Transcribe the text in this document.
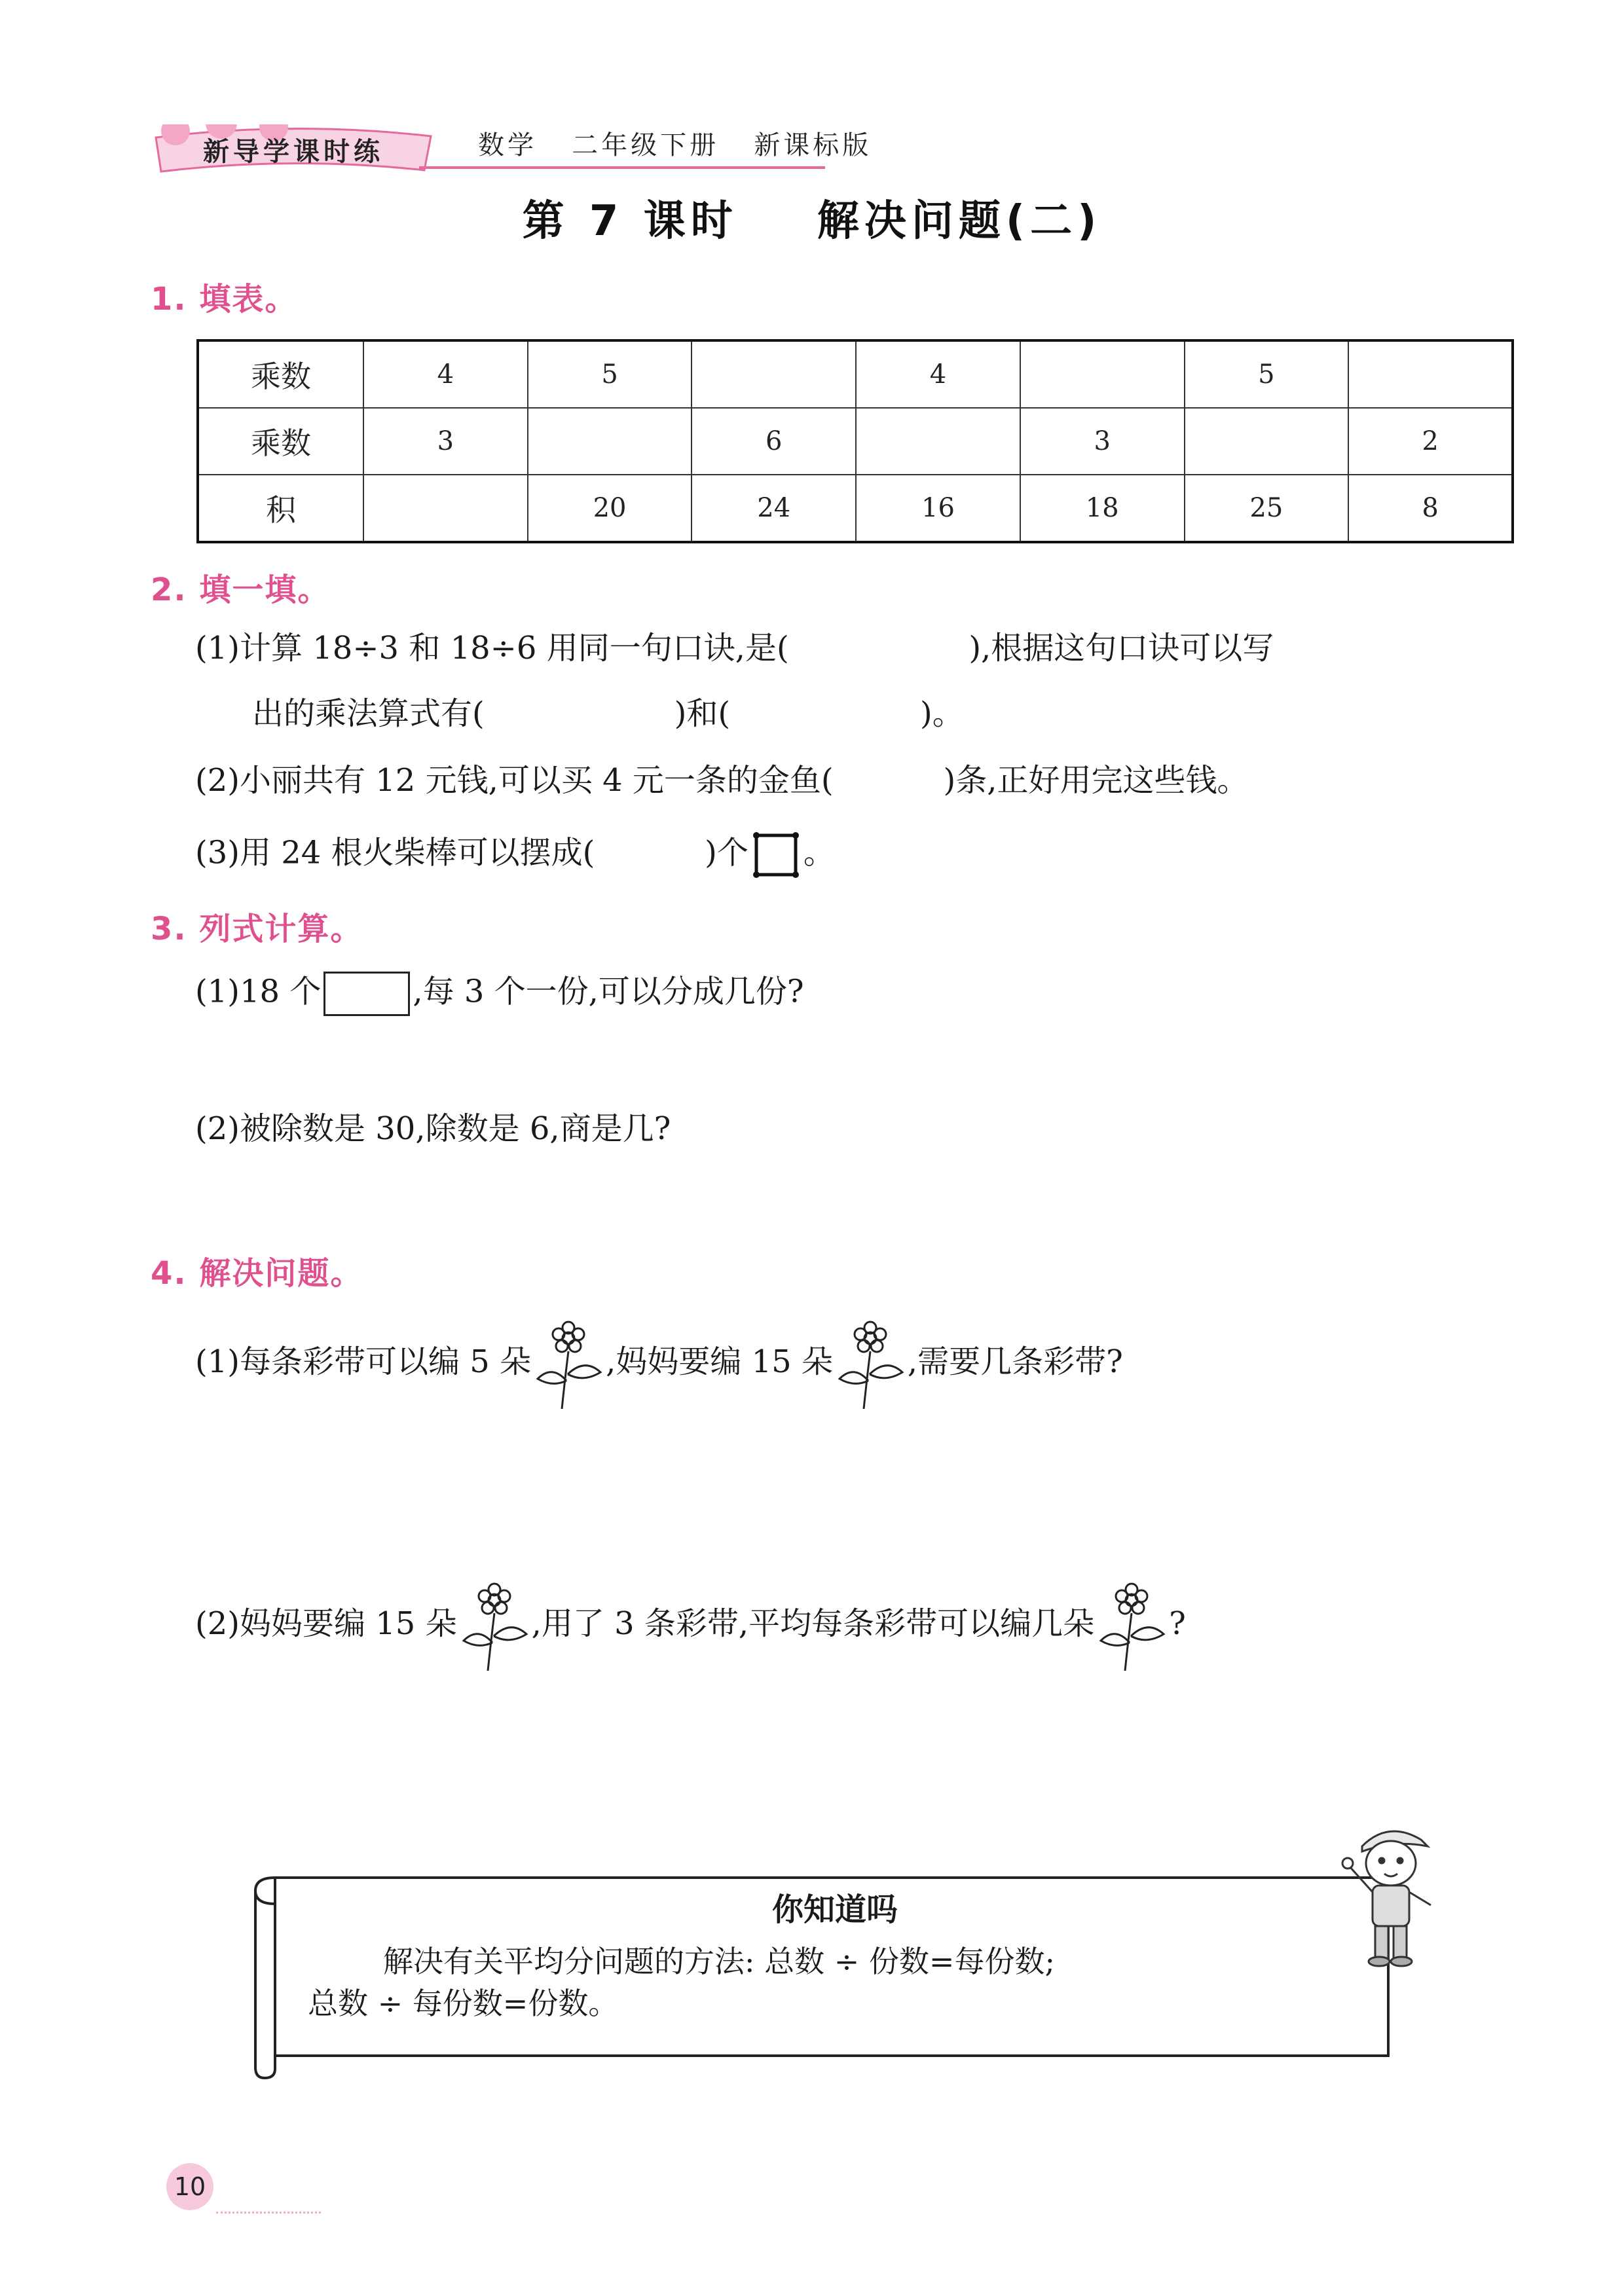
新导学课时练	数学 二年级下册 新课标版
第 7 课时    解决问题(二)
1. 填表。
乘数	4	5		4		5	
乘数	3		6		3		2
积		20	24	16	18	25	8
2. 填一填。
(1)计算 18÷3 和 18÷6 用同一句口诀,是(                  ),根据这句口诀可以写
出的乘法算式有(                   )和(                   )。
(2)小丽共有 12 元钱,可以买 4 元一条的金鱼(           )条,正好用完这些钱。
(3)用 24 根火柴棒可以摆成(           )个 。
3. 列式计算。
(1)18 个	,每 3 个一份,可以分成几份?
(2)被除数是 30,除数是 6,商是几?
4. 解决问题。
(1)每条彩带可以编 5 朵 ,妈妈要编 15 朵 ,需要几条彩带?
(2)妈妈要编 15 朵 ,用了 3 条彩带,平均每条彩带可以编几朵 ?
你知道吗
解决有关平均分问题的方法: 总数 ÷ 份数=每份数;
总数 ÷ 每份数=份数。
10
